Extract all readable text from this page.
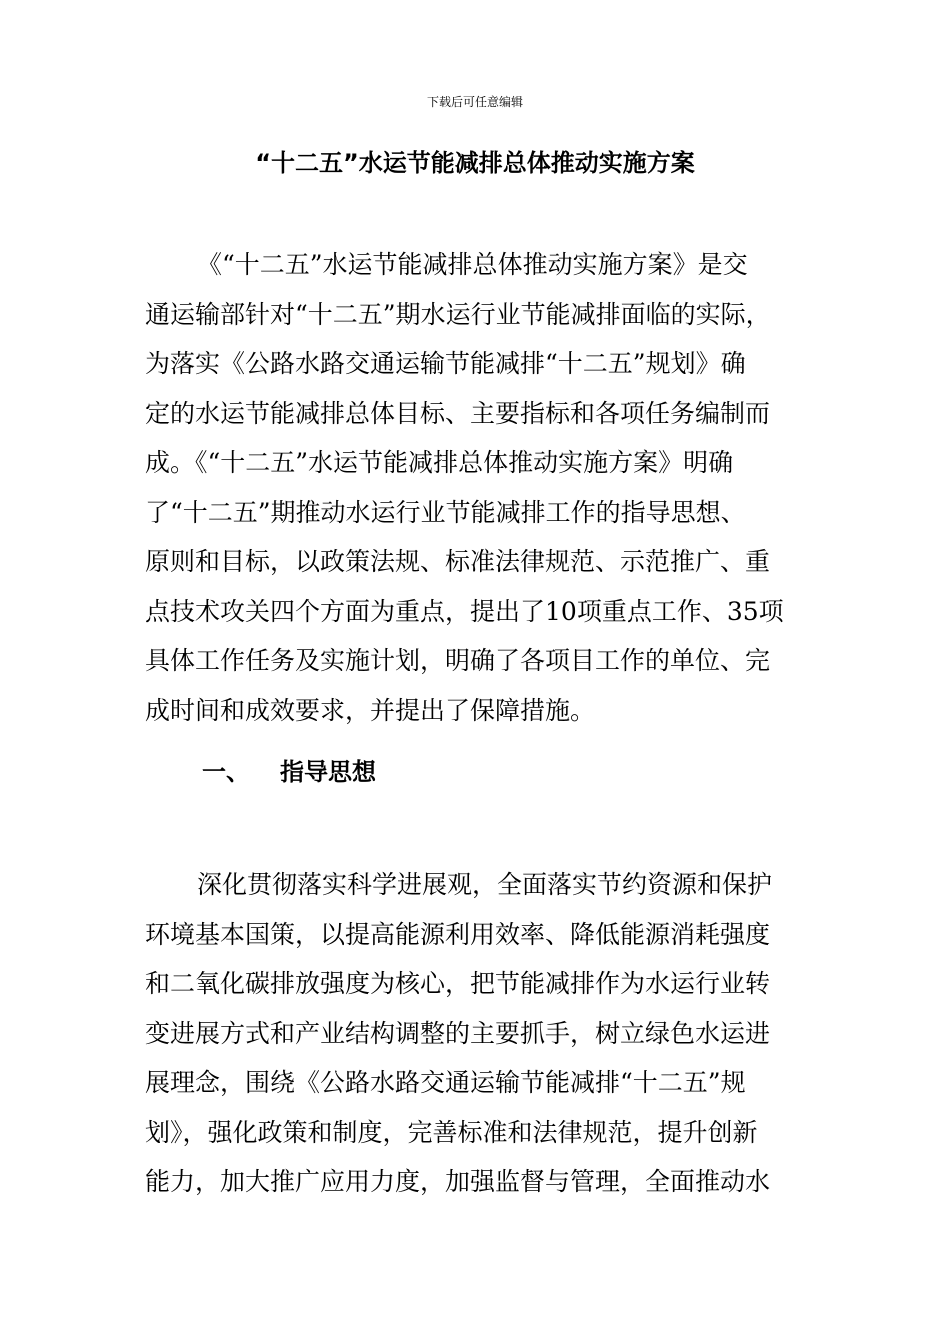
下载后可任意编辑
“十二五”水运节能减排总体推动实施方案
《“十二五”水运节能减排总体推动实施方案》是交
通运输部针对“十二五”期水运行业节能减排面临的实际，
为落实《公路水路交通运输节能减排“十二五”规划》确
定的水运节能减排总体目标、主要指标和各项任务编制而
成。《“十二五”水运节能减排总体推动实施方案》明确
了“十二五”期推动水运行业节能减排工作的指导思想、
原则和目标，以政策法规、标准法律规范、示范推广、重
点技术攻关四个方面为重点，提出了10项重点工作、35项
具体工作任务及实施计划，明确了各项目工作的单位、完
成时间和成效要求，并提出了保障措施。
一、 指导思想
深化贯彻落实科学进展观，全面落实节约资源和保护
环境基本国策，以提高能源利用效率、降低能源消耗强度
和二氧化碳排放强度为核心，把节能减排作为水运行业转
变进展方式和产业结构调整的主要抓手，树立绿色水运进
展理念，围绕《公路水路交通运输节能减排“十二五”规
划》，强化政策和制度，完善标准和法律规范，提升创新
能力，加大推广应用力度，加强监督与管理，全面推动水
